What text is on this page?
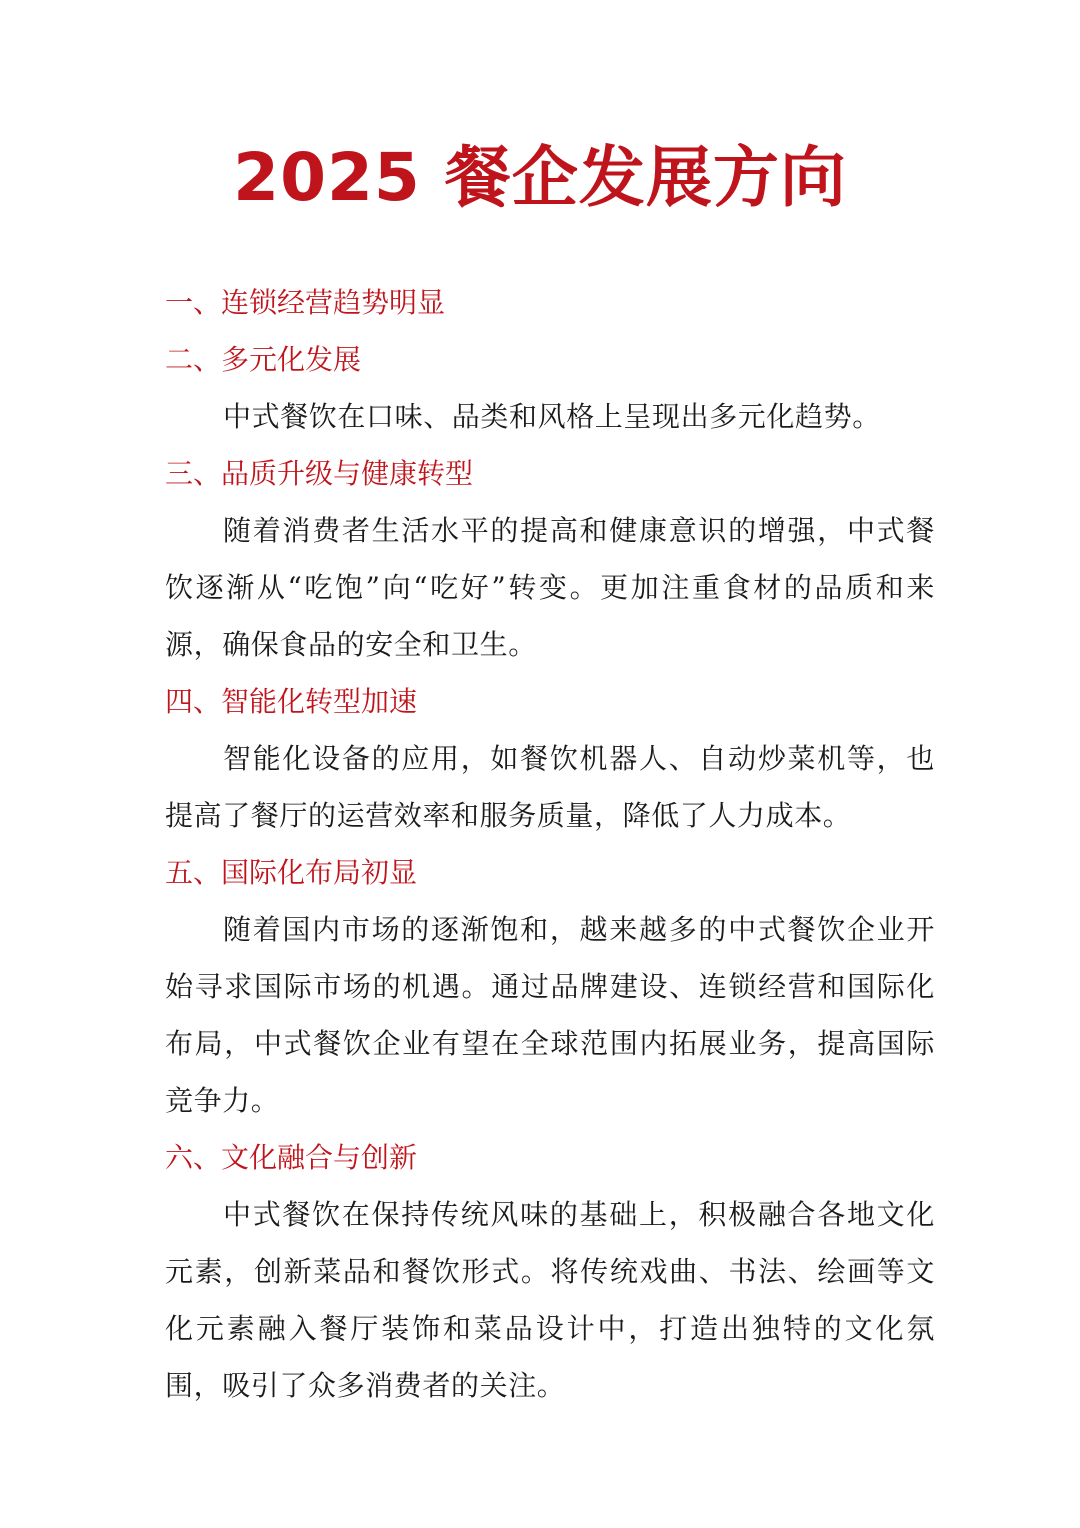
2025 餐企发展方向

一、连锁经营趋势明显

二、多元化发展

中式餐饮在口味、品类和风格上呈现出多元化趋势。

三、品质升级与健康转型

随着消费者生活水平的提高和健康意识的增强，中式餐饮逐渐从“吃饱”向“吃好”转变。更加注重食材的品质和来源，确保食品的安全和卫生。

四、智能化转型加速

智能化设备的应用，如餐饮机器人、自动炒菜机等，也提高了餐厅的运营效率和服务质量，降低了人力成本。

五、国际化布局初显

随着国内市场的逐渐饱和，越来越多的中式餐饮企业开始寻求国际市场的机遇。通过品牌建设、连锁经营和国际化布局，中式餐饮企业有望在全球范围内拓展业务，提高国际竞争力。

六、文化融合与创新

中式餐饮在保持传统风味的基础上，积极融合各地文化元素，创新菜品和餐饮形式。将传统戏曲、书法、绘画等文化元素融入餐厅装饰和菜品设计中，打造出独特的文化氛围，吸引了众多消费者的关注。
